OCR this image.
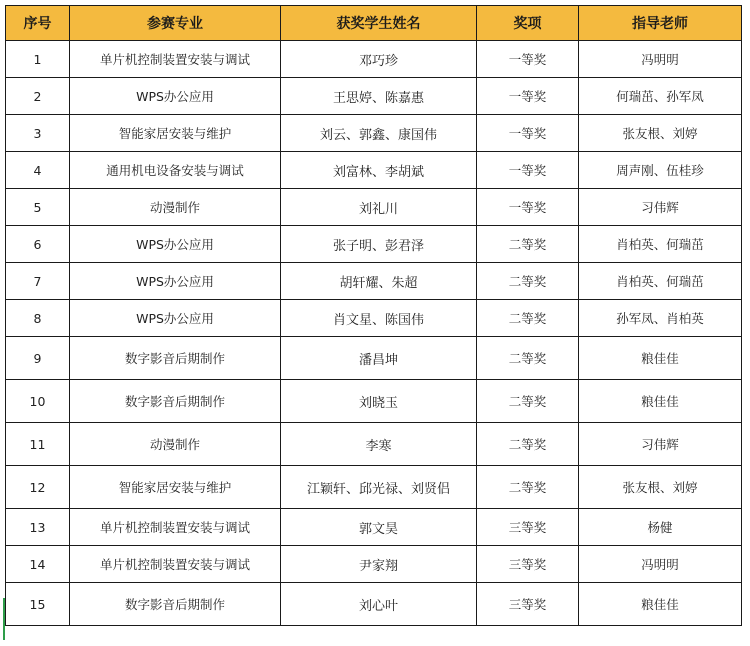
序号	参赛专业	获奖学生姓名	奖项	指导老师
1	单片机控制装置安装与调试	邓巧珍	一等奖	冯明明
2	WPS办公应用	王思婷、陈嘉惠	一等奖	何瑞茁、孙军凤
3	智能家居安装与维护	刘云、郭鑫、康国伟	一等奖	张友根、刘婷
4	通用机电设备安装与调试	刘富林、李胡斌	一等奖	周声刚、伍桂珍
5	动漫制作	刘礼川	一等奖	习伟辉
6	WPS办公应用	张子明、彭君泽	二等奖	肖柏英、何瑞茁
7	WPS办公应用	胡轩耀、朱超	二等奖	肖柏英、何瑞茁
8	WPS办公应用	肖文星、陈国伟	二等奖	孙军凤、肖柏英
9	数字影音后期制作	潘昌坤	二等奖	粮佳佳
10	数字影音后期制作	刘晓玉	二等奖	粮佳佳
11	动漫制作	李寒	二等奖	习伟辉
12	智能家居安装与维护	江颖轩、邱光禄、刘贤侣	二等奖	张友根、刘婷
13	单片机控制装置安装与调试	郭文昊	三等奖	杨健
14	单片机控制装置安装与调试	尹家翔	三等奖	冯明明
15	数字影音后期制作	刘心叶	三等奖	粮佳佳
